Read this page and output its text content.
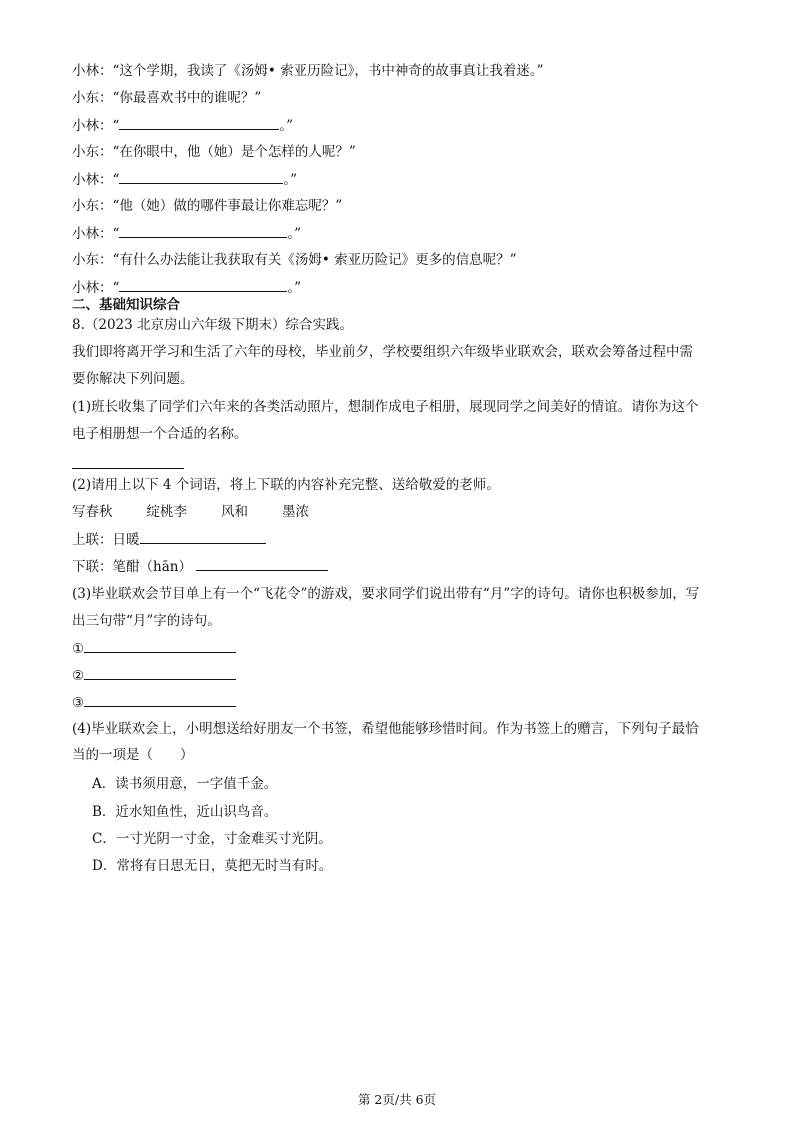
小林：“这个学期，我读了《汤姆• 索亚历险记》，书中神奇的故事真让我着迷。”
小东：“你最喜欢书中的谁呢？”
小林：“	。”
小东：“在你眼中，他（她）是个怎样的人呢？”
小林：“	。”
小东：“他（她）做的哪件事最让你难忘呢？”
小林：“	。”
小东：“有什么办法能让我获取有关《汤姆• 索亚历险记》更多的信息呢？”
小林：“	。”
二、基础知识综合
8.（2023 北京房山六年级下期末）综合实践。
我们即将离开学习和生活了六年的母校，毕业前夕，学校要组织六年级毕业联欢会，联欢会筹备过程中需
要你解决下列问题。
(1)班长收集了同学们六年来的各类活动照片，想制作成电子相册，展现同学之间美好的情谊。请你为这个
电子相册想一个合适的名称。
(2)请用上以下 4 个词语，将上下联的内容补充完整、送给敬爱的老师。
写春秋	绽桃李	风和	墨浓
上联：日暖
下联：笔酣（hān）
(3)毕业联欢会节目单上有一个“飞花令”的游戏，要求同学们说出带有“月”字的诗句。请你也积极参加，写
出三句带“月”字的诗句。
①
②
③
(4)毕业联欢会上，小明想送给好朋友一个书签，希望他能够珍惜时间。作为书签上的赠言，下列句子最恰
当的一项是（　　）
A．读书须用意，一字值千金。
B．近水知鱼性，近山识鸟音。
C．一寸光阴一寸金，寸金难买寸光阴。
D．常将有日思无日，莫把无时当有时。
第 2页/共 6页
